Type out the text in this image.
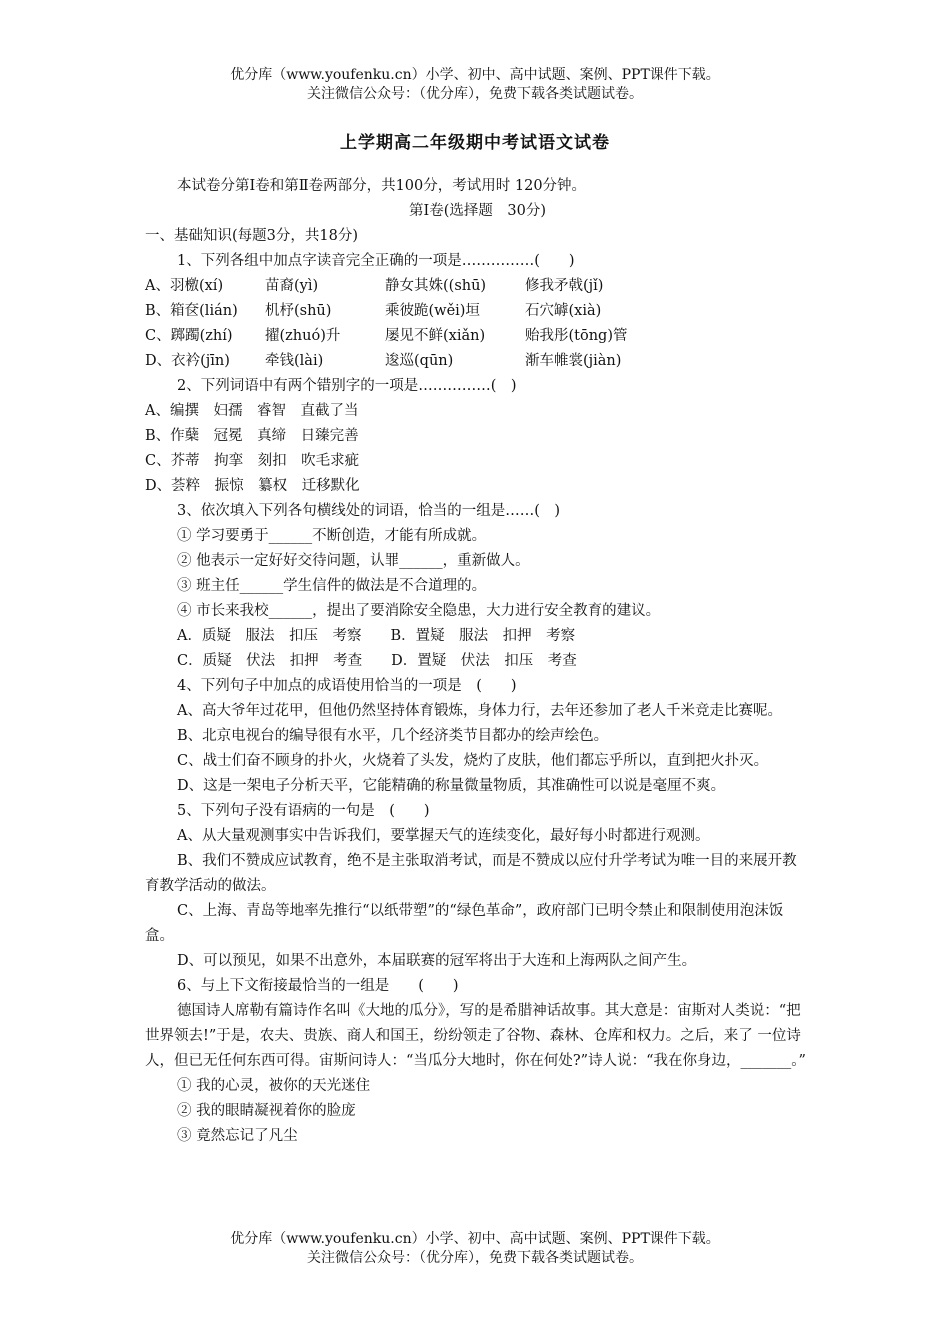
优分库（www.youfenku.cn）小学、初中、高中试题、案例、PPT课件下载。
关注微信公众号：（优分库），免费下载各类试题试卷。
上学期高二年级期中考试语文试卷
本试卷分第Ⅰ卷和第Ⅱ卷两部分，共100分，考试用时 120分钟。
第Ⅰ卷(选择题　30分)
一、基础知识(每题3分，共18分)
1、下列各组中加点字读音完全正确的一项是……………(　　)
A、羽檄(xí)	苗裔(yì)	静女其姝((shū)	修我矛戟(jǐ)
B、箱奁(lián) 机杼(shū)	乘彼跪(wěi)垣	石穴罅(xià)
C、踯躅(zhí) 擢(zhuó)升	屡见不鲜(xiǎn)	贻我彤(tōng)管
D、衣衿(jīn) 牵钱(lài)	逡巡(qūn)	渐车帷裳(jiàn)
2、下列词语中有两个错别字的一项是……………(　)
A、编撰　妇孺　睿智　直截了当
B、作蘖　冠冕　真缔　日臻完善
C、芥蒂　拘挛　刻扣　吹毛求疵
D、荟粹　振惊　纂权　迁移默化
3、依次填入下列各句横线处的词语，恰当的一组是……(　)
① 学习要勇于______不断创造，才能有所成就。
② 他表示一定好好交待问题，认罪______，重新做人。
③ 班主任______学生信件的做法是不合道理的。
④ 市长来我校______，提出了要消除安全隐患，大力进行安全教育的建议。
A．质疑　服法　扣压　考察　　B．置疑　服法　扣押　考察
C．质疑　伏法　扣押　考查　　D．置疑　伏法　扣压　考查
4、下列句子中加点的成语使用恰当的一项是　(　　)
A、高大爷年过花甲，但他仍然坚持体育锻炼，身体力行，去年还参加了老人千米竞走比赛呢。
B、北京电视台的编导很有水平，几个经济类节目都办的绘声绘色。
C、战士们奋不顾身的扑火，火烧着了头发，烧灼了皮肤，他们都忘乎所以，直到把火扑灭。
D、这是一架电子分析天平，它能精确的称量微量物质，其准确性可以说是毫厘不爽。
5、下列句子没有语病的一句是　(　　)
A、从大量观测事实中告诉我们，要掌握天气的连续变化，最好每小时都进行观测。
B、我们不赞成应试教育，绝不是主张取消考试，而是不赞成以应付升学考试为唯一目的来展开教育教学活动的做法。
C、上海、青岛等地率先推行“以纸带塑”的“绿色革命”，政府部门已明令禁止和限制使用泡沫饭盒。
D、可以预见，如果不出意外，本届联赛的冠军将出于大连和上海两队之间产生。
6、与上下文衔接最恰当的一组是　　(　　)
德国诗人席勒有篇诗作名叫《大地的瓜分》，写的是希腊神话故事。其大意是：宙斯对人类说：“把世界领去!”于是，农夫、贵族、商人和国王，纷纷领走了谷物、森林、仓库和权力。之后，来了 一位诗人，但已无任何东西可得。宙斯问诗人：“当瓜分大地时，你在何处?”诗人说：“我在你身边，_______。”
① 我的心灵，被你的天光迷住
② 我的眼睛凝视着你的脸庞
③ 竟然忘记了凡尘
优分库（www.youfenku.cn）小学、初中、高中试题、案例、PPT课件下载。
关注微信公众号：（优分库），免费下载各类试题试卷。
